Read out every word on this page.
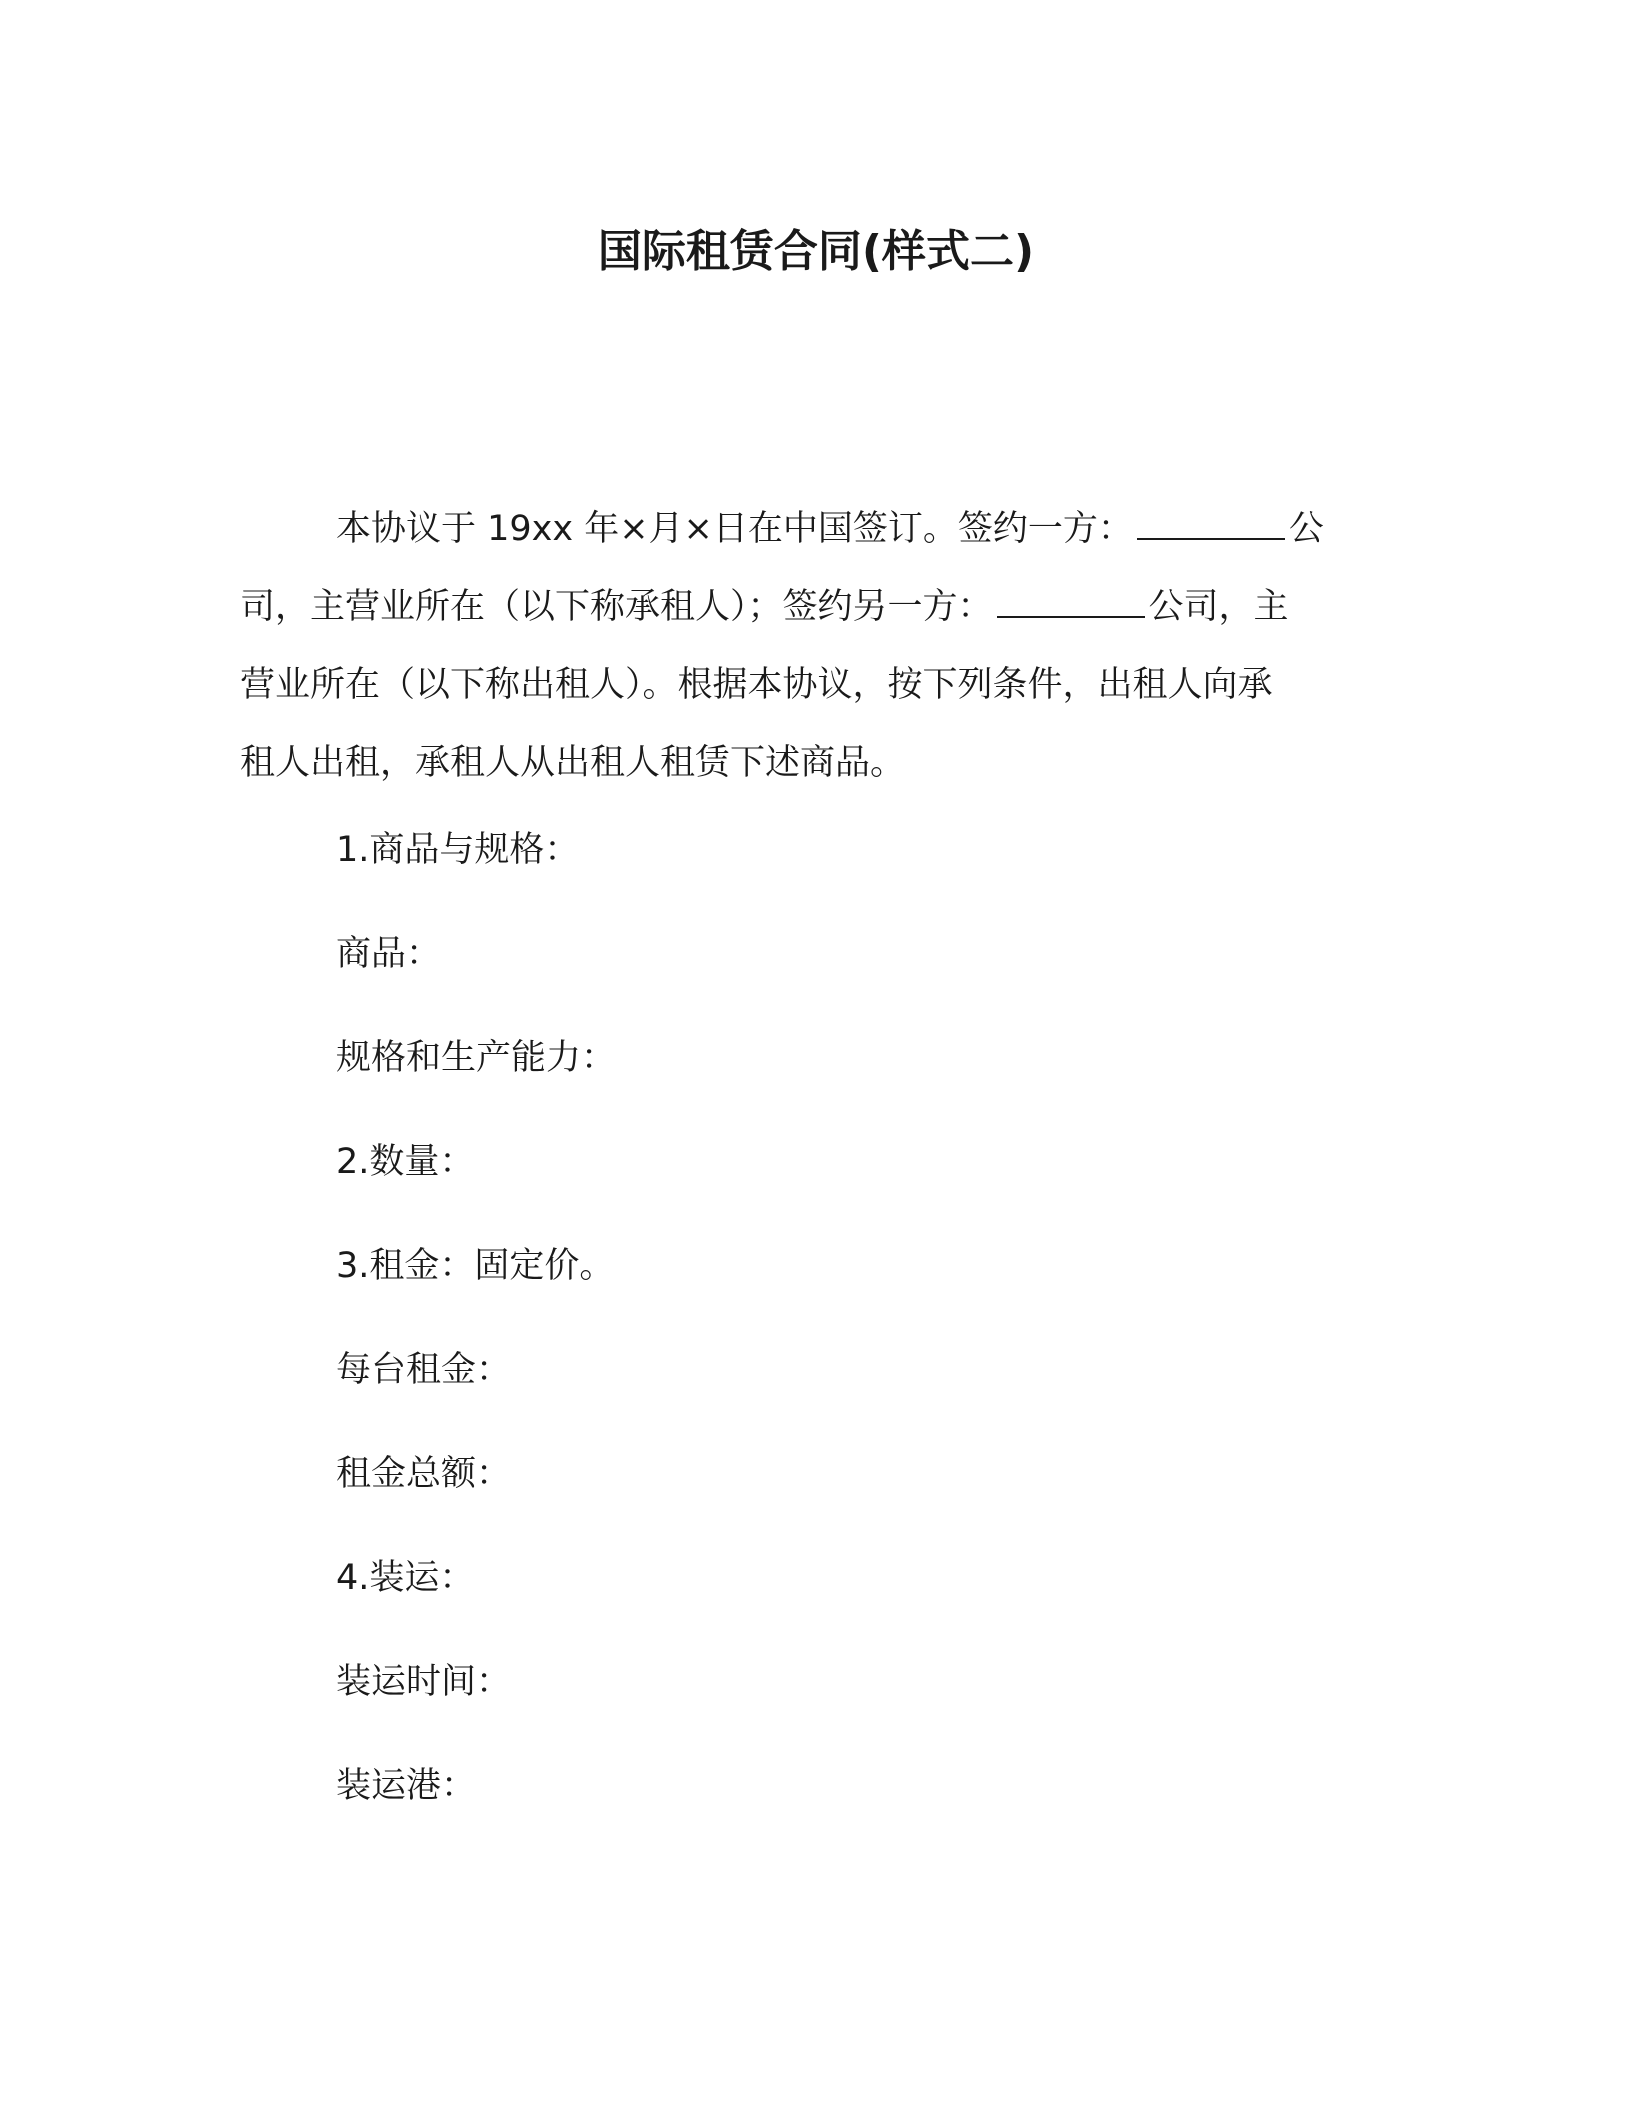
国际租赁合同(样式二)
本协议于 19xx 年×月×日在中国签订。签约一方：	公
司，主营业所在（以下称承租人）；签约另一方：	公司，主
营业所在（以下称出租人）。根据本协议，按下列条件，出租人向承
租人出租，承租人从出租人租赁下述商品。
1.商品与规格：
商品：
规格和生产能力：
2.数量：
3.租金：固定价。
每台租金：
租金总额：
4.装运：
装运时间：
装运港：
